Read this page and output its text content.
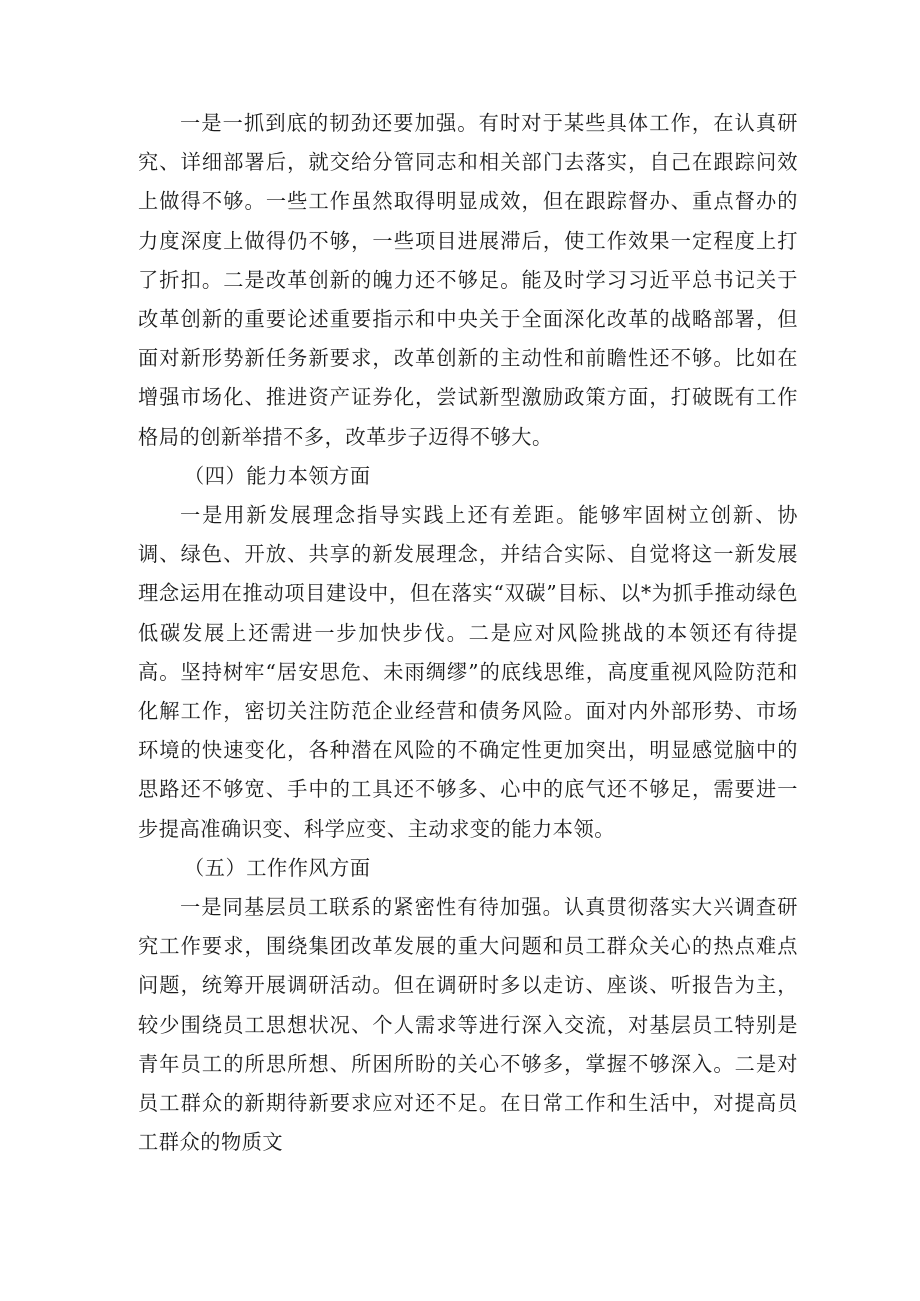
一是一抓到底的韧劲还要加强。有时对于某些具体工作，在认真研究、详细部署后，就交给分管同志和相关部门去落实，自己在跟踪问效上做得不够。一些工作虽然取得明显成效，但在跟踪督办、重点督办的力度深度上做得仍不够，一些项目进展滞后，使工作效果一定程度上打了折扣。二是改革创新的魄力还不够足。能及时学习习近平总书记关于改革创新的重要论述重要指示和中央关于全面深化改革的战略部署，但面对新形势新任务新要求，改革创新的主动性和前瞻性还不够。比如在增强市场化、推进资产证券化，尝试新型激励政策方面，打破既有工作格局的创新举措不多，改革步子迈得不够大。

（四）能力本领方面

一是用新发展理念指导实践上还有差距。能够牢固树立创新、协调、绿色、开放、共享的新发展理念，并结合实际、自觉将这一新发展理念运用在推动项目建设中，但在落实“双碳”目标、以*为抓手推动绿色低碳发展上还需进一步加快步伐。二是应对风险挑战的本领还有待提高。坚持树牢“居安思危、未雨绸缪”的底线思维，高度重视风险防范和化解工作，密切关注防范企业经营和债务风险。面对内外部形势、市场环境的快速变化，各种潜在风险的不确定性更加突出，明显感觉脑中的思路还不够宽、手中的工具还不够多、心中的底气还不够足，需要进一步提高准确识变、科学应变、主动求变的能力本领。

（五）工作作风方面

一是同基层员工联系的紧密性有待加强。认真贯彻落实大兴调查研究工作要求，围绕集团改革发展的重大问题和员工群众关心的热点难点问题，统筹开展调研活动。但在调研时多以走访、座谈、听报告为主，较少围绕员工思想状况、个人需求等进行深入交流，对基层员工特别是青年员工的所思所想、所困所盼的关心不够多，掌握不够深入。二是对员工群众的新期待新要求应对还不足。在日常工作和生活中，对提高员工群众的物质文
